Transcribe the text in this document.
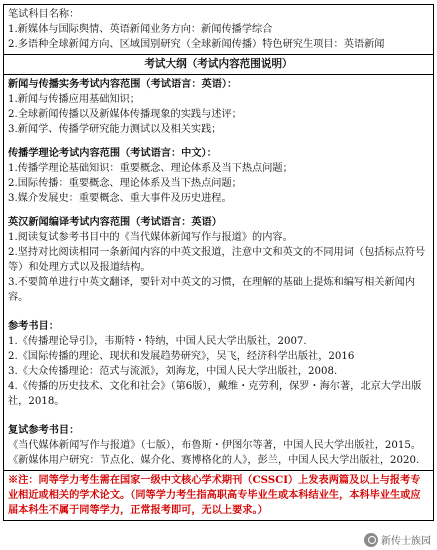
笔试科目名称：
1.新媒体与国际舆情、英语新闻业务方向：新闻传播学综合
2.多语种全球新闻方向、区域国别研究（全球新闻传播）特色研究生项目：英语新闻
考试大纲（考试内容范围说明）
新闻与传播实务考试内容范围（考试语言：英语）：
1.新闻与传播应用基础知识；
2.全球新闻传播以及新媒体传播现象的实践与述评；
3.新闻学、传播学研究能力测试以及相关实践；
传播学理论考试内容范围（考试语言：中文）：
1.传播学理论基础知识：重要概念、理论体系及当下热点问题；
2.国际传播：重要概念、理论体系及当下热点问题；
3.媒介发展史：重要概念、重大事件及历史进程。
英汉新闻编译考试内容范围（考试语言：英语）
1.阅读复试参考书目中的《当代媒体新闻写作与报道》的内容。
2.坚持对比阅读相同一条新闻内容的中英文报道，注意中文和英文的不同用词（包括标点符号等）和处理方式以及报道结构。
3.不要简单进行中英文翻译，要针对中英文的习惯，在理解的基础上提炼和编写相关新闻内容。
参考书目：
1.《传播理论导引》，韦斯特・特纳，中国人民大学出版社，2007.
2.《国际传播的理论、现状和发展趋势研究》，吴飞，经济科学出版社，2016
3.《大众传播理论：范式与流派》，刘海龙，中国人民大学出版社，2008.
4.《传播的历史技术、文化和社会》（第6版），戴维・克劳利，保罗・海尔著，北京大学出版社，2018。
复试参考书目：
《当代媒体新闻写作与报道》（七版），布鲁斯・伊图尔等著，中国人民大学出版社，2015。
《新媒体用户研究：节点化、媒介化、赛博格化的人》，彭兰，中国人民大学出版社，2020.
※注：同等学力考生需在国家一级中文核心学术期刊（CSSCI）上发表两篇及以上与报考专业相近或相关的学术论文。（同等学力考生指高职高专毕业生或本科结业生，本科毕业生或应届本科生不属于同等学力，正常报考即可，无以上要求。）
新传士族园
